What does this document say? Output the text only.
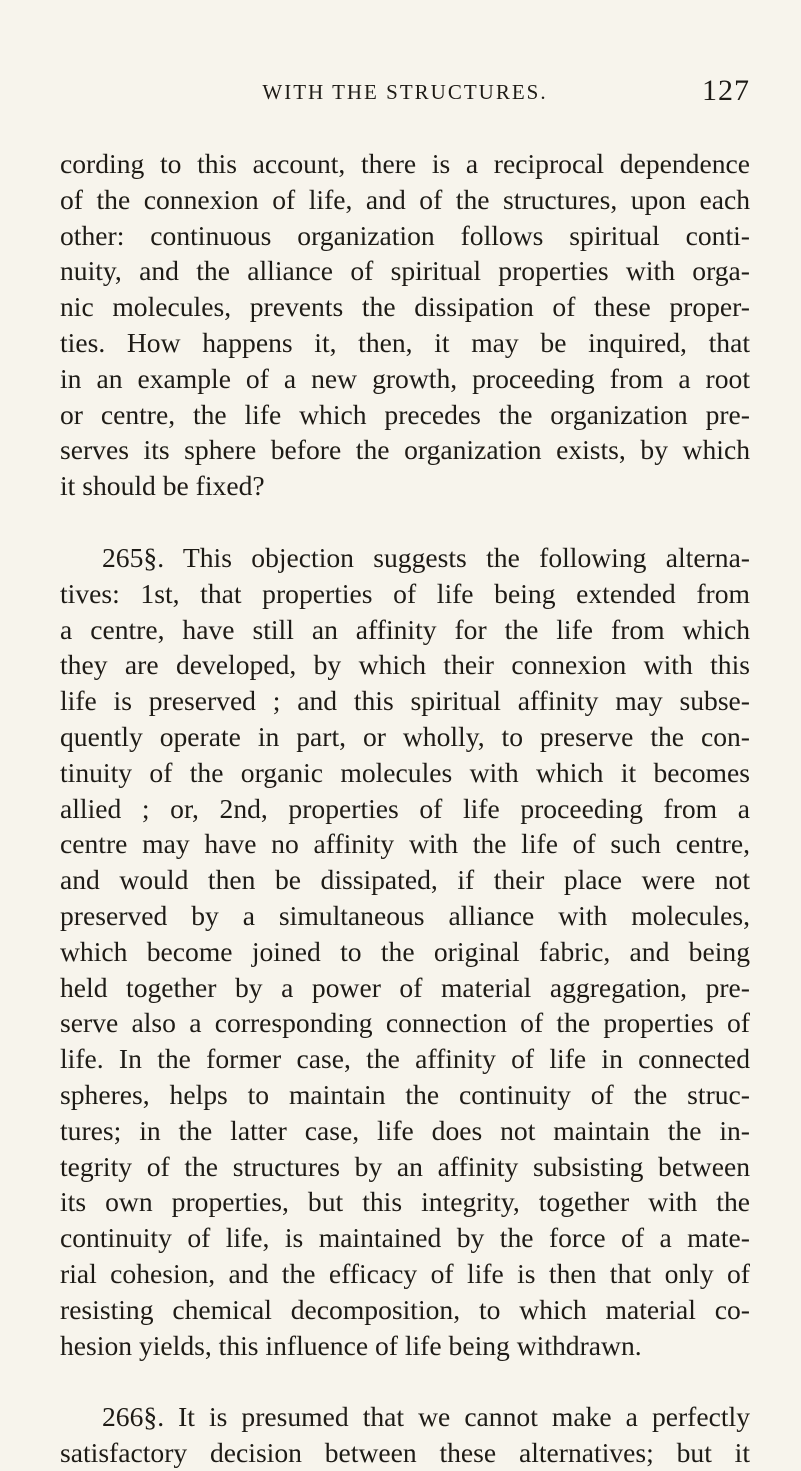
WITH THE STRUCTURES.	127

cording to this account, there is a reciprocal dependence
of the connexion of life, and of the structures, upon each
other: continuous organization follows spiritual conti-
nuity, and the alliance of spiritual properties with orga-
nic molecules, prevents the dissipation of these proper-
ties. How happens it, then, it may be inquired, that
in an example of a new growth, proceeding from a root
or centre, the life which precedes the organization pre-
serves its sphere before the organization exists, by which
it should be fixed?

265§. This objection suggests the following alterna-
tives: 1st, that properties of life being extended from
a centre, have still an affinity for the life from which
they are developed, by which their connexion with this
life is preserved ; and this spiritual affinity may subse-
quently operate in part, or wholly, to preserve the con-
tinuity of the organic molecules with which it becomes
allied ; or, 2nd, properties of life proceeding from a
centre may have no affinity with the life of such centre,
and would then be dissipated, if their place were not
preserved by a simultaneous alliance with molecules,
which become joined to the original fabric, and being
held together by a power of material aggregation, pre-
serve also a corresponding connection of the properties of
life. In the former case, the affinity of life in connected
spheres, helps to maintain the continuity of the struc-
tures; in the latter case, life does not maintain the in-
tegrity of the structures by an affinity subsisting between
its own properties, but this integrity, together with the
continuity of life, is maintained by the force of a mate-
rial cohesion, and the efficacy of life is then that only of
resisting chemical decomposition, to which material co-
hesion yields, this influence of life being withdrawn.

266§. It is presumed that we cannot make a perfectly
satisfactory decision between these alternatives; but it
